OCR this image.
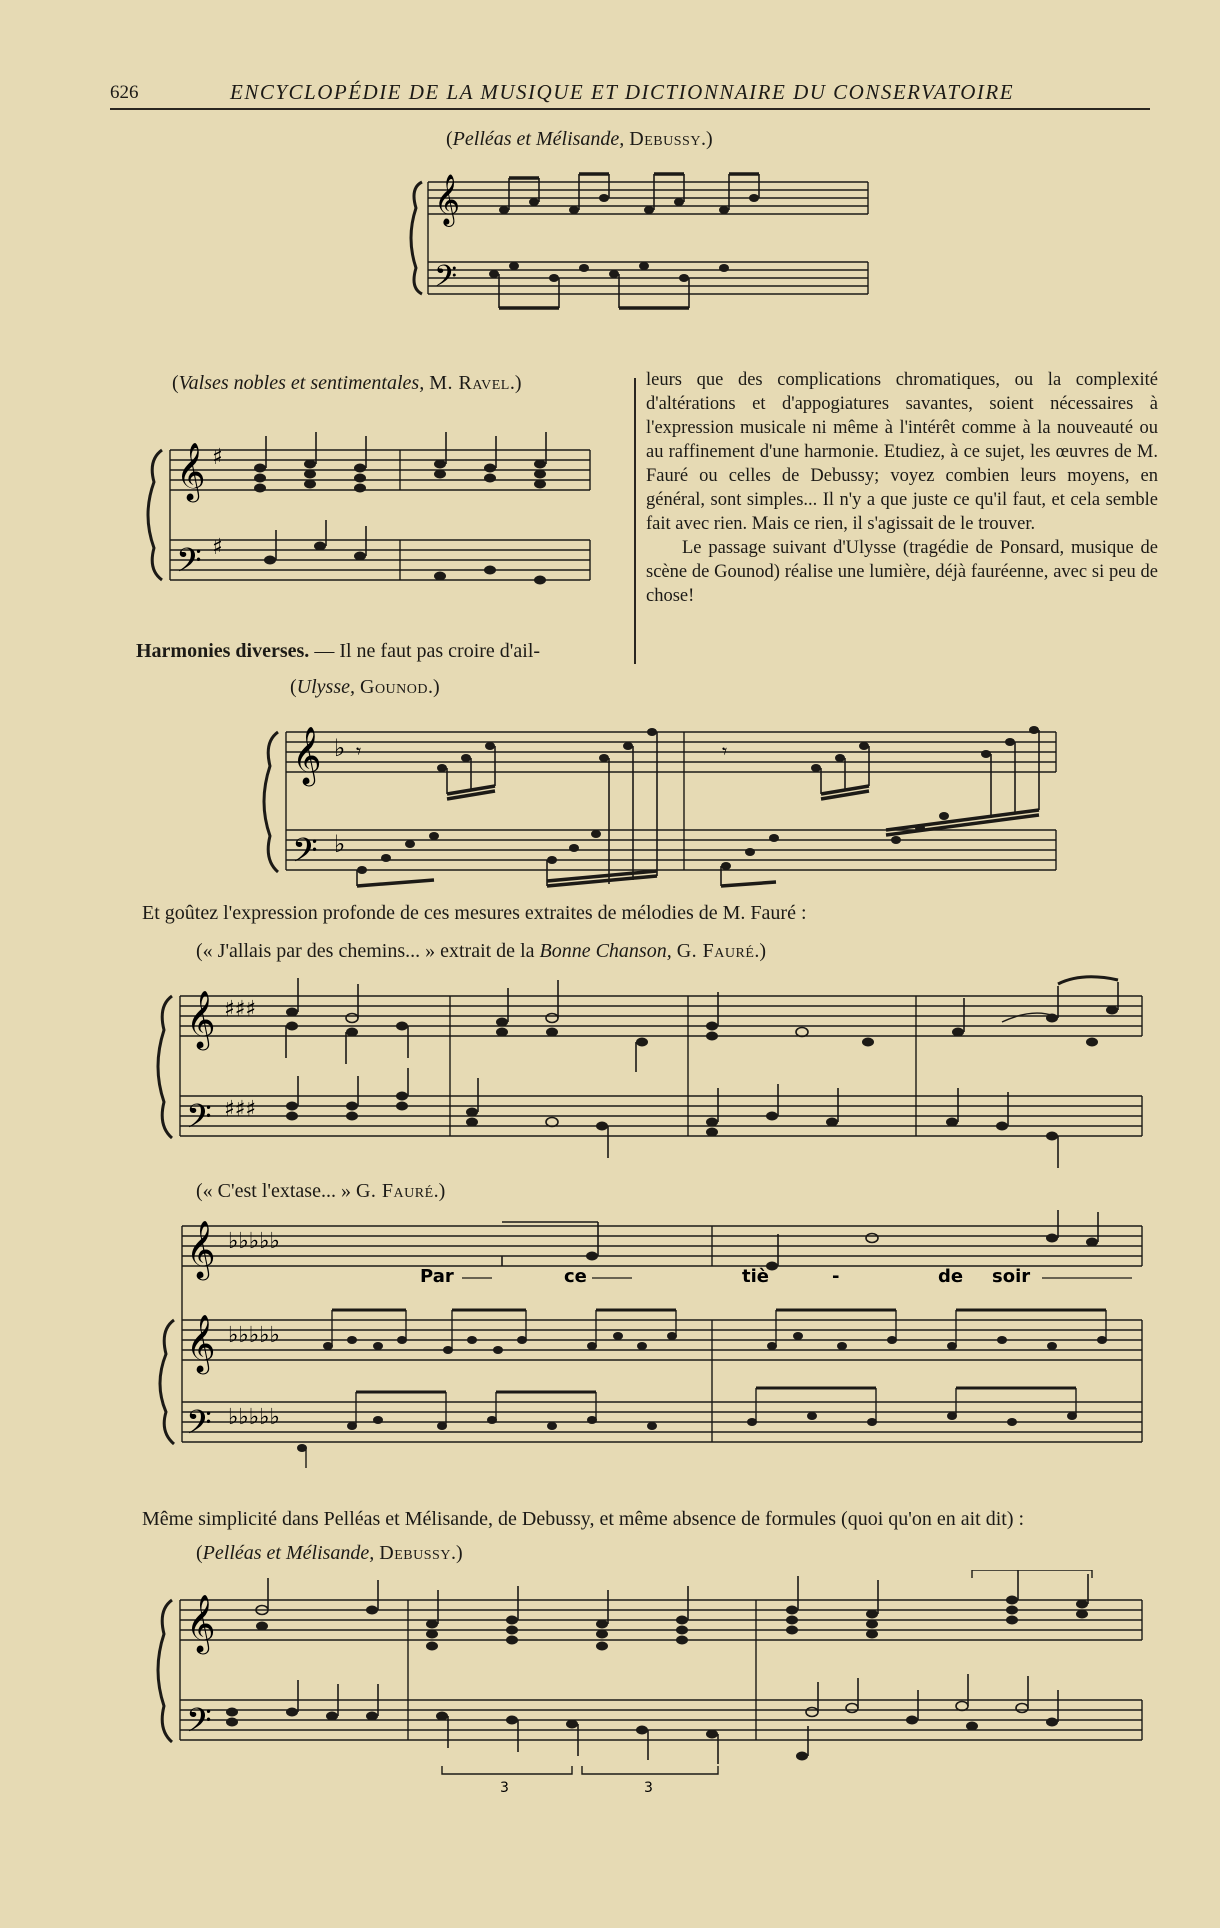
626	ENCYCLOPÉDIE DE LA MUSIQUE ET DICTIONNAIRE DU CONSERVATOIRE
(Pelléas et Mélisande, Debussy.)
𝄞
𝄢
(Valses nobles et sentimentales, M. Ravel.)
𝄞
𝄢
♯
♯

leurs que des complications chromatiques, ou la complexité d'altérations et d'appogiatures savantes, soient nécessaires à l'expression musicale ni même à l'intérêt comme à la nouveauté ou au raffinement d'une harmonie. Etudiez, à ce sujet, les œuvres de M. Fauré ou celles de Debussy; voyez combien leurs moyens, en général, sont simples... Il n'y a que juste ce qu'il faut, et cela semble fait avec rien. Mais ce rien, il s'agissait de le trouver.

Le passage suivant d'Ulysse (tragédie de Ponsard, musique de scène de Gounod) réalise une lumière, déjà fauréenne, avec si peu de chose!

Harmonies diverses. — Il ne faut pas croire d'ail-
(Ulysse, Gounod.)
𝄞
𝄢
♭
♭
𝄾	𝄾
Et goûtez l'expression profonde de ces mesures extraites de mélodies de M. Fauré :
(« J'allais par des chemins... » extrait de la Bonne Chanson, G. Fauré.)
𝄞
𝄢
♯♯♯
♯♯♯
(« C'est l'extase... » G. Fauré.)
𝄞
𝄞
𝄢
♭♭♭♭♭
♭♭♭♭♭
♭♭♭♭♭
Par	ce	tiè	-	de soir
Même simplicité dans Pelléas et Mélisande, de Debussy, et même absence de formules (quoi qu'on en ait dit) :
(Pelléas et Mélisande, Debussy.)
𝄞
𝄢
3	3
